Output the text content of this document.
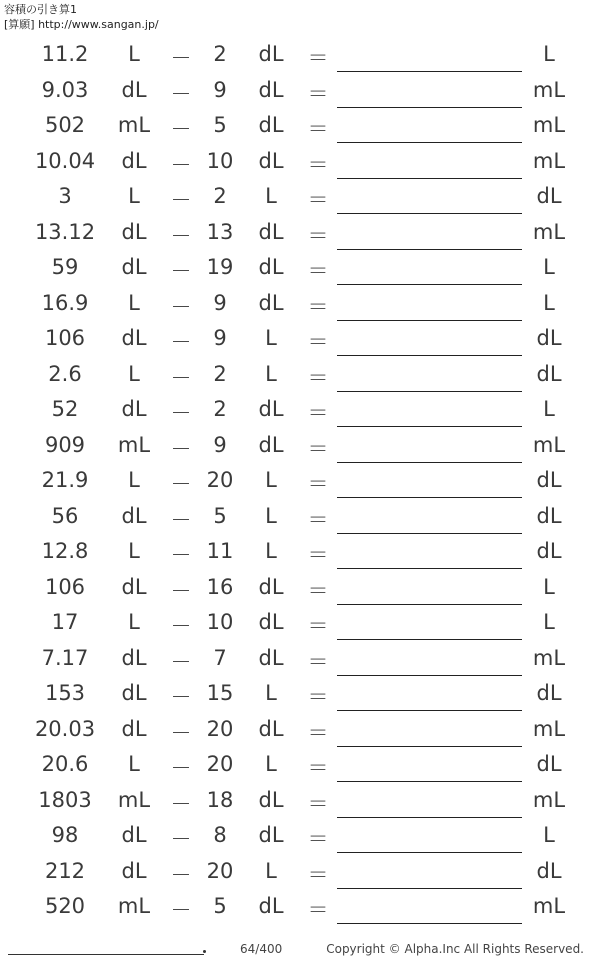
容積の引き算1
[算願] http://www.sangan.jp/
11.2	L	－	2	dL	＝	L
9.03	dL	－	9	dL	＝	mL
502	mL －	5	dL	＝	mL
10.04	dL	－ 10	dL	＝	mL
3	L	－	2	L	＝	dL
13.12	dL	－ 13	dL	＝	mL
59	dL	－ 19	dL	＝	L
16.9	L	－	9	dL	＝	L
106	dL	－	9	L	＝	dL
2.6	L	－	2	L	＝	dL
52	dL	－	2	dL	＝	L
909	mL －	9	dL	＝	mL
21.9	L	－ 20	L	＝	dL
56	dL	－	5	L	＝	dL
12.8	L	－ 11	L	＝	dL
106	dL	－ 16	dL	＝	L
17	L	－ 10	dL	＝	L
7.17	dL	－	7	dL	＝	mL
153	dL	－ 15	L	＝	dL
20.03	dL	－ 20	dL	＝	mL
20.6	L	－ 20	L	＝	dL
1803	mL － 18	dL	＝	mL
98	dL	－	8	dL	＝	L
212	dL	－ 20	L	＝	dL
520	mL －	5	dL	＝	mL
64/400	Copyright © Alpha.Inc All Rights Reserved.
